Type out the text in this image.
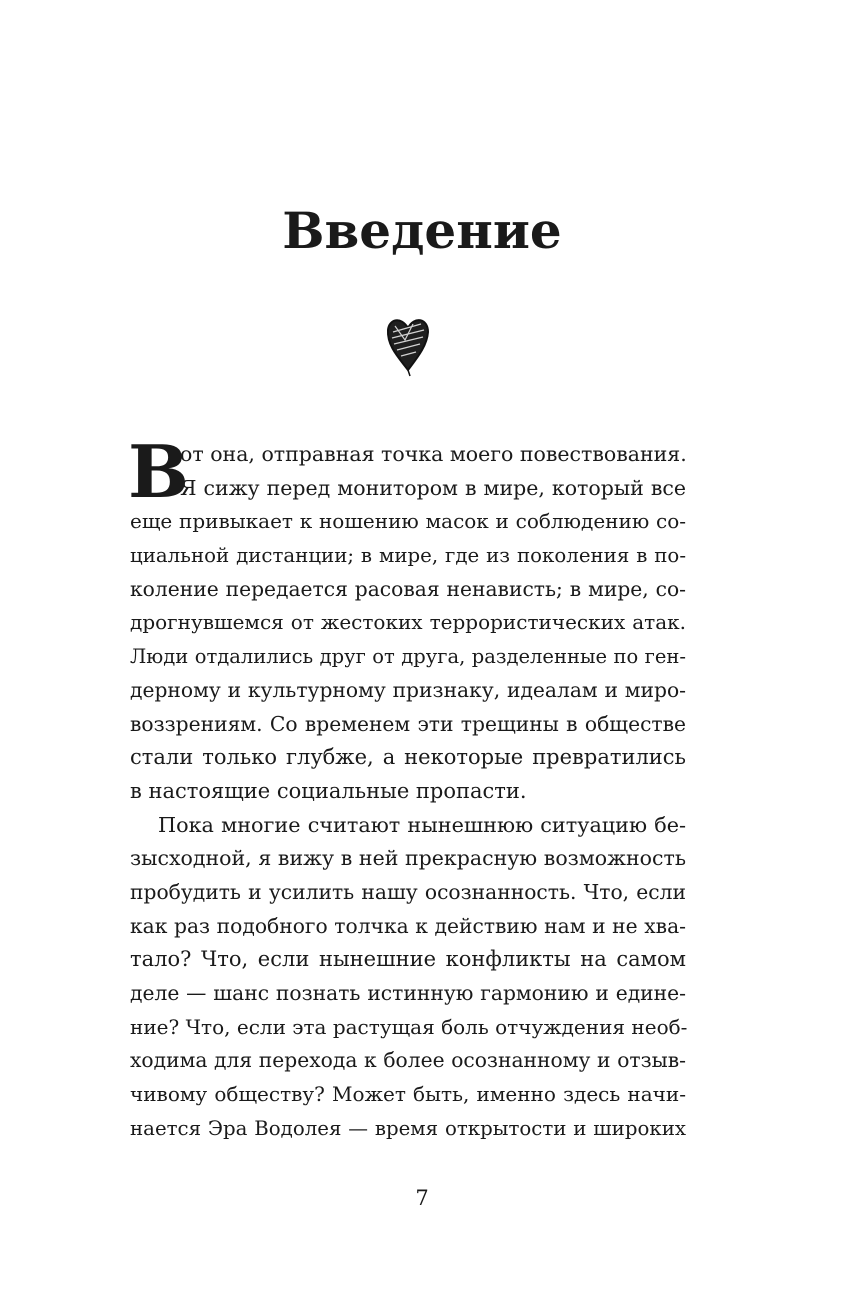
Введение
В
от она, отправная точка моего повествования.
Я сижу перед монитором в мире, который все
еще привыкает к ношению масок и соблюдению со-
циальной дистанции; в мире, где из поколения в по-
коление передается расовая ненависть; в мире, со-
дрогнувшемся от жестоких террористических атак.
Люди отдалились друг от друга, разделенные по ген-
дерному и культурному признаку, идеалам и миро-
воззрениям. Со временем эти трещины в обществе
стали только глубже, а некоторые превратились
в настоящие социальные пропасти.
Пока многие считают нынешнюю ситуацию бе-
зысходной, я вижу в ней прекрасную возможность
пробудить и усилить нашу осознанность. Что, если
как раз подобного толчка к действию нам и не хва-
тало? Что, если нынешние конфликты на самом
деле — шанс познать истинную гармонию и едине-
ние? Что, если эта растущая боль отчуждения необ-
ходима для перехода к более осознанному и отзыв-
чивому обществу? Может быть, именно здесь начи-
нается Эра Водолея — время открытости и широких
7
